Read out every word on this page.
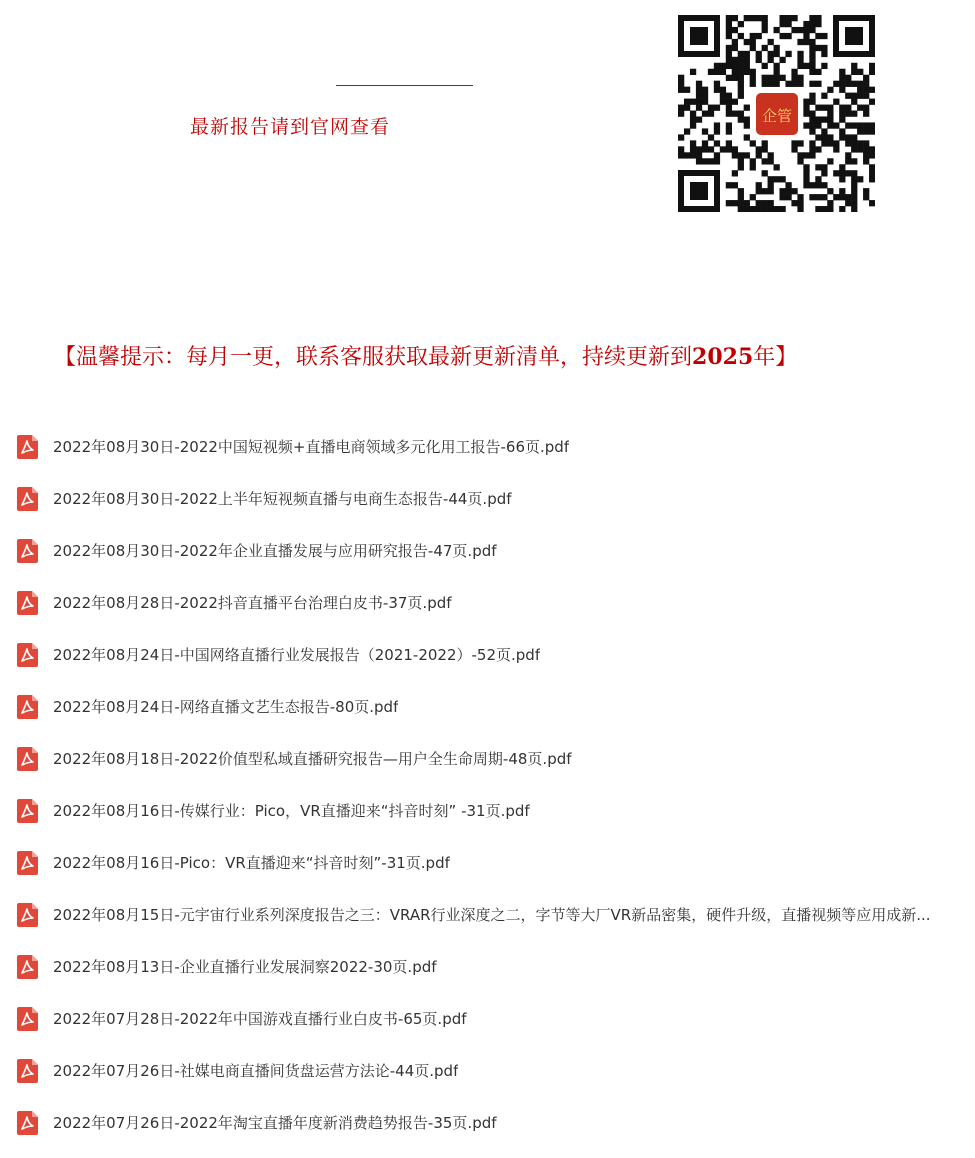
最新报告请到官网查看	企管
【温馨提示：每月一更，联系客服获取最新更新清单，持续更新到2025年】
2022年08月30日-2022中国短视频+直播电商领域多元化用工报告-66页.pdf
2022年08月30日-2022上半年短视频直播与电商生态报告-44页.pdf
2022年08月30日-2022年企业直播发展与应用研究报告-47页.pdf
2022年08月28日-2022抖音直播平台治理白皮书-37页.pdf
2022年08月24日-中国网络直播行业发展报告（2021-2022）-52页.pdf
2022年08月24日-网络直播文艺生态报告-80页.pdf
2022年08月18日-2022价值型私域直播研究报告—用户全生命周期-48页.pdf
2022年08月16日-传媒行业：Pico，VR直播迎来“抖音时刻” -31页.pdf
2022年08月16日-Pico：VR直播迎来“抖音时刻”-31页.pdf
2022年08月15日-元宇宙行业系列深度报告之三：VRAR行业深度之二，字节等大厂VR新品密集，硬件升级，直播视频等应用成新...
2022年08月13日-企业直播行业发展洞察2022-30页.pdf
2022年07月28日-2022年中国游戏直播行业白皮书-65页.pdf
2022年07月26日-社媒电商直播间货盘运营方法论-44页.pdf
2022年07月26日-2022年淘宝直播年度新消费趋势报告-35页.pdf
